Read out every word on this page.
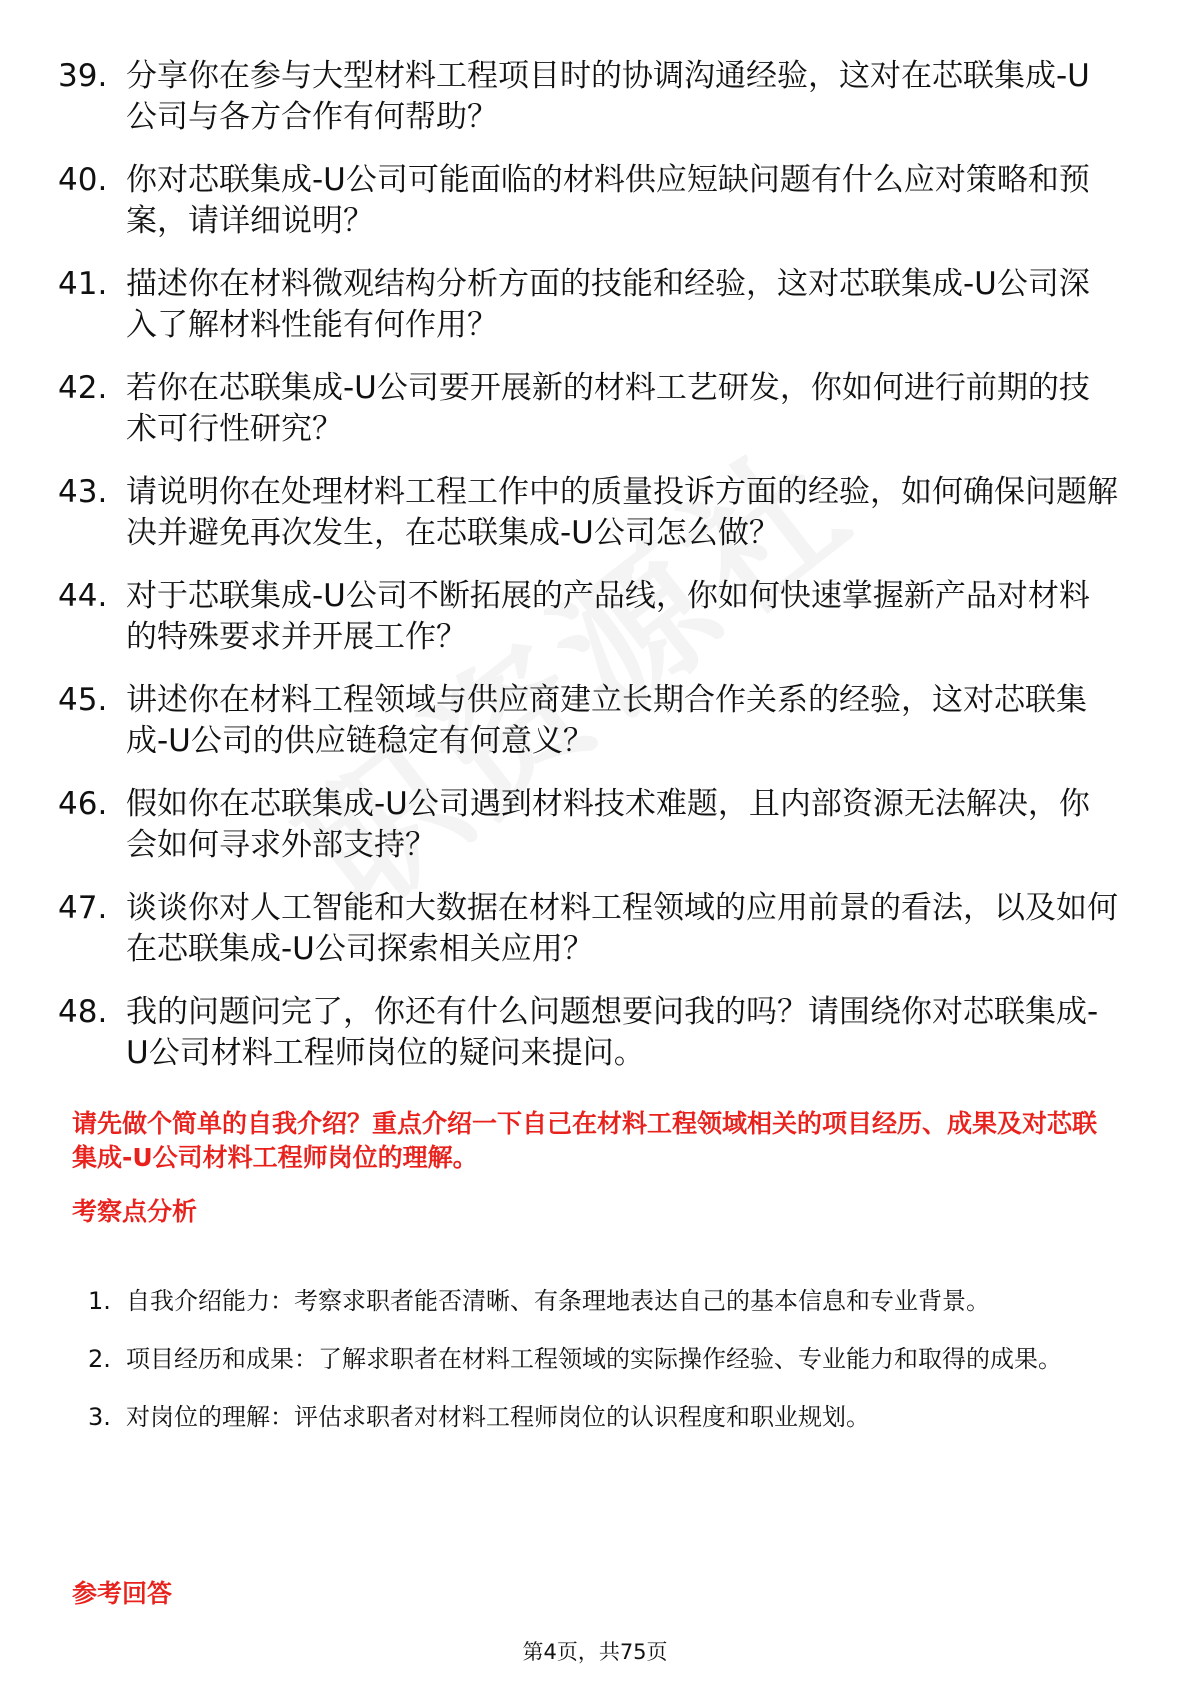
39. 分享你在参与大型材料工程项目时的协调沟通经验，这对在芯联集成-U公司与各方合作有何帮助？
40. 你对芯联集成-U公司可能面临的材料供应短缺问题有什么应对策略和预案，请详细说明？
41. 描述你在材料微观结构分析方面的技能和经验，这对芯联集成-U公司深入了解材料性能有何作用？
42. 若你在芯联集成-U公司要开展新的材料工艺研发，你如何进行前期的技术可行性研究？
43. 请说明你在处理材料工程工作中的质量投诉方面的经验，如何确保问题解决并避免再次发生，在芯联集成-U公司怎么做？
44. 对于芯联集成-U公司不断拓展的产品线，你如何快速掌握新产品对材料的特殊要求并开展工作？
45. 讲述你在材料工程领域与供应商建立长期合作关系的经验，这对芯联集成-U公司的供应链稳定有何意义？
46. 假如你在芯联集成-U公司遇到材料技术难题，且内部资源无法解决，你会如何寻求外部支持？
47. 谈谈你对人工智能和大数据在材料工程领域的应用前景的看法，以及如何在芯联集成-U公司探索相关应用？
48. 我的问题问完了，你还有什么问题想要问我的吗？请围绕你对芯联集成-U公司材料工程师岗位的疑问来提问。

请先做个简单的自我介绍？重点介绍一下自己在材料工程领域相关的项目经历、成果及对芯联集成-U公司材料工程师岗位的理解。

考察点分析
1. 自我介绍能力：考察求职者能否清晰、有条理地表达自己的基本信息和专业背景。
2. 项目经历和成果：了解求职者在材料工程领域的实际操作经验、专业能力和取得的成果。
3. 对岗位的理解：评估求职者对材料工程师岗位的认识程度和职业规划。
参考回答
第4页，共75页
